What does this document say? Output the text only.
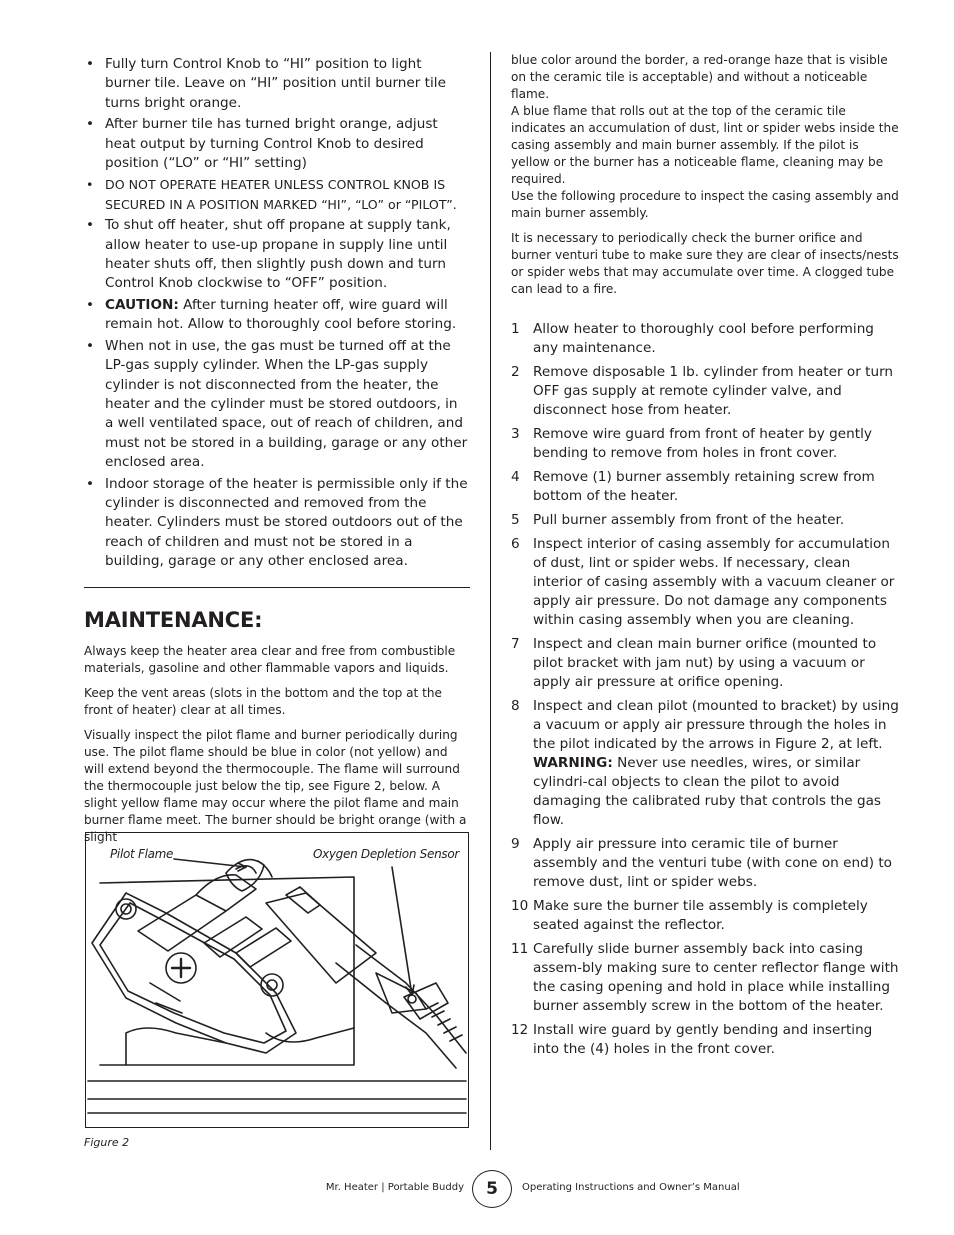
• Fully turn Control Knob to “HI” position to light burner tile. Leave on “HI” position until burner tile turns bright orange.
• After burner tile has turned bright orange, adjust heat output by turning Control Knob to desired position (“LO” or “HI” setting)
• DO NOT OPERATE HEATER UNLESS CONTROL KNOB IS SECURED IN A POSITION MARKED “HI”, “LO” or “PILOT”.
• To shut off heater, shut off propane at supply tank, allow heater to use-up propane in supply line until heater shuts off, then slightly push down and turn Control Knob clockwise to “OFF” position.
• CAUTION: After turning heater off, wire guard will remain hot. Allow to thoroughly cool before storing.
• When not in use, the gas must be turned off at the LP-gas supply cylinder. When the LP-gas supply cylinder is not disconnected from the heater, the heater and the cylinder must be stored outdoors, in a well ventilated space, out of reach of children, and must not be stored in a building, garage or any other enclosed area.
• Indoor storage of the heater is permissible only if the cylinder is disconnected and removed from the heater. Cylinders must be stored outdoors out of the reach of children and must not be stored in a building, garage or any other enclosed area.
MAINTENANCE:

Always keep the heater area clear and free from combustible materials, gasoline and other flammable vapors and liquids.

Keep the vent areas (slots in the bottom and the top at the front of heater) clear at all times.

Visually inspect the pilot flame and burner periodically during use. The pilot flame should be blue in color (not yellow) and will extend beyond the thermocouple. The flame will surround the thermocouple just below the tip, see Figure 2, below. A slight yellow flame may occur where the pilot flame and main burner flame meet. The burner should be bright orange (with a slight

Pilot Flame	Oxygen Depletion Sensor
Figure 2

blue color around the border, a red-orange haze that is visible on the ceramic tile is acceptable) and without a noticeable flame.

A blue flame that rolls out at the top of the ceramic tile indicates an accumulation of dust, lint or spider webs inside the casing assembly and main burner assembly. If the pilot is yellow or the burner has a noticeable flame, cleaning may be required.

Use the following procedure to inspect the casing assembly and main burner assembly.

It is necessary to periodically check the burner orifice and burner venturi tube to make sure they are clear of insects/nests or spider webs that may accumulate over time. A clogged tube can lead to a fire.

1 Allow heater to thoroughly cool before performing any maintenance.
2 Remove disposable 1 lb. cylinder from heater or turn OFF gas supply at remote cylinder valve, and disconnect hose from heater.
3 Remove wire guard from front of heater by gently bending to remove from holes in front cover.
4 Remove (1) burner assembly retaining screw from bottom of the heater.
5 Pull burner assembly from front of the heater.
6 Inspect interior of casing assembly for accumulation of dust, lint or spider webs. If necessary, clean interior of casing assembly with a vacuum cleaner or apply air pressure. Do not damage any components within casing assembly when you are cleaning.
7 Inspect and clean main burner orifice (mounted to pilot bracket with jam nut) by using a vacuum or apply air pressure at orifice opening.
8 Inspect and clean pilot (mounted to bracket) by using a vacuum or apply air pressure through the holes in the pilot indicated by the arrows in Figure 2, at left. WARNING: Never use needles, wires, or similar cylindri-cal objects to clean the pilot to avoid damaging the calibrated ruby that controls the gas flow.
9 Apply air pressure into ceramic tile of burner assembly and the venturi tube (with cone on end) to remove dust, lint or spider webs.
10 Make sure the burner tile assembly is completely seated against the reflector.
11 Carefully slide burner assembly back into casing assem-bly making sure to center reflector flange with the casing opening and hold in place while installing burner assembly screw in the bottom of the heater.
12 Install wire guard by gently bending and inserting into the (4) holes in the front cover.
Mr. Heater | Portable Buddy	5	Operating Instructions and Owner’s Manual
